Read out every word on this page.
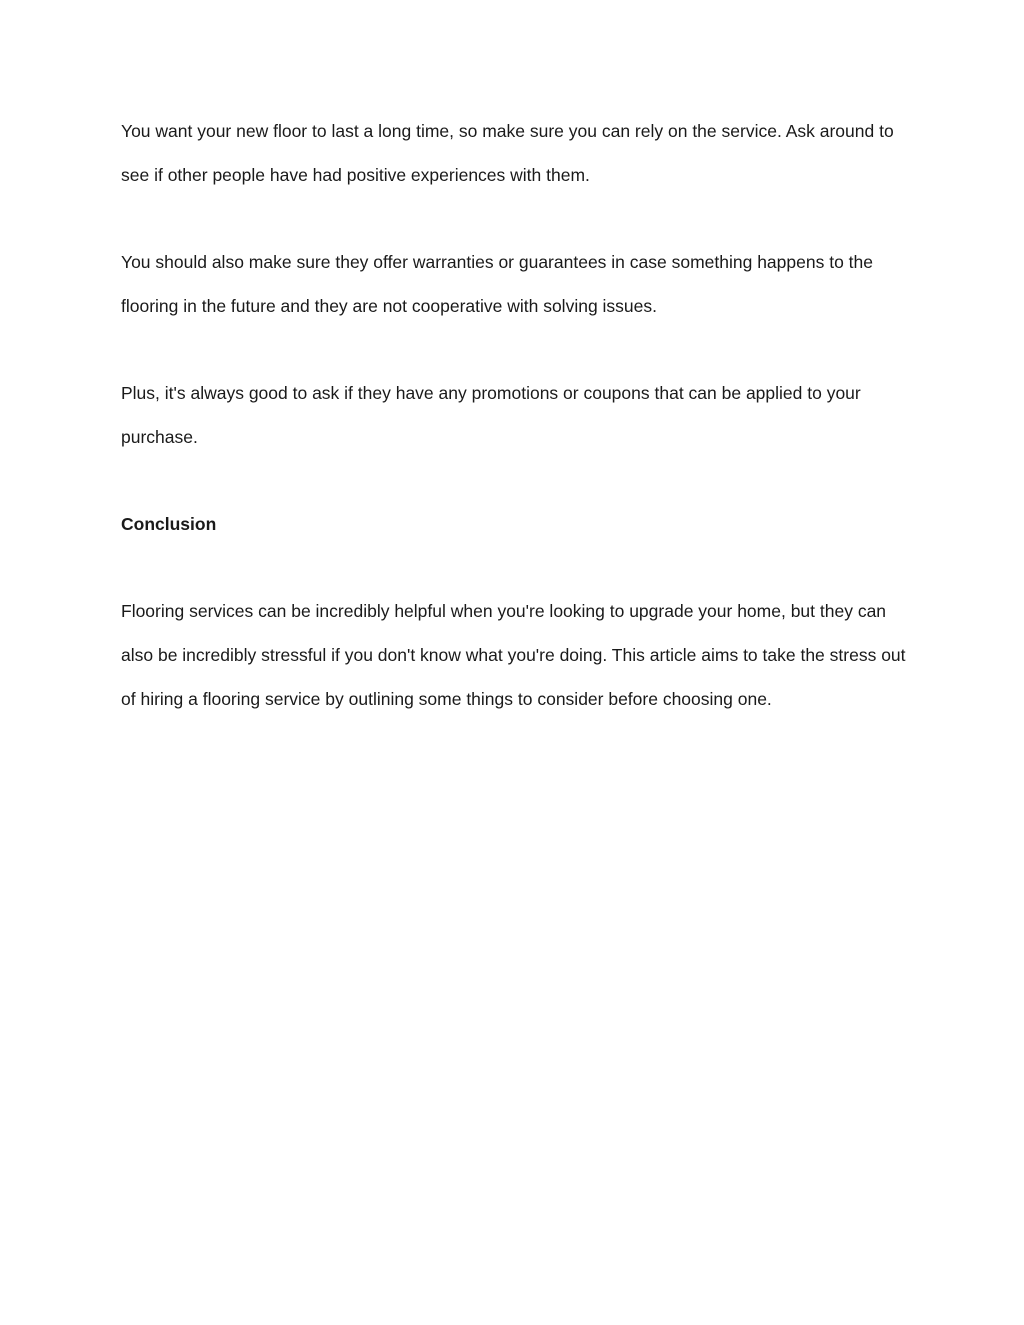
You want your new floor to last a long time, so make sure you can rely on the service. Ask around to see if other people have had positive experiences with them.

You should also make sure they offer warranties or guarantees in case something happens to the flooring in the future and they are not cooperative with solving issues.

Plus, it's always good to ask if they have any promotions or coupons that can be applied to your purchase.

Conclusion

Flooring services can be incredibly helpful when you're looking to upgrade your home, but they can also be incredibly stressful if you don't know what you're doing. This article aims to take the stress out of hiring a flooring service by outlining some things to consider before choosing one.
